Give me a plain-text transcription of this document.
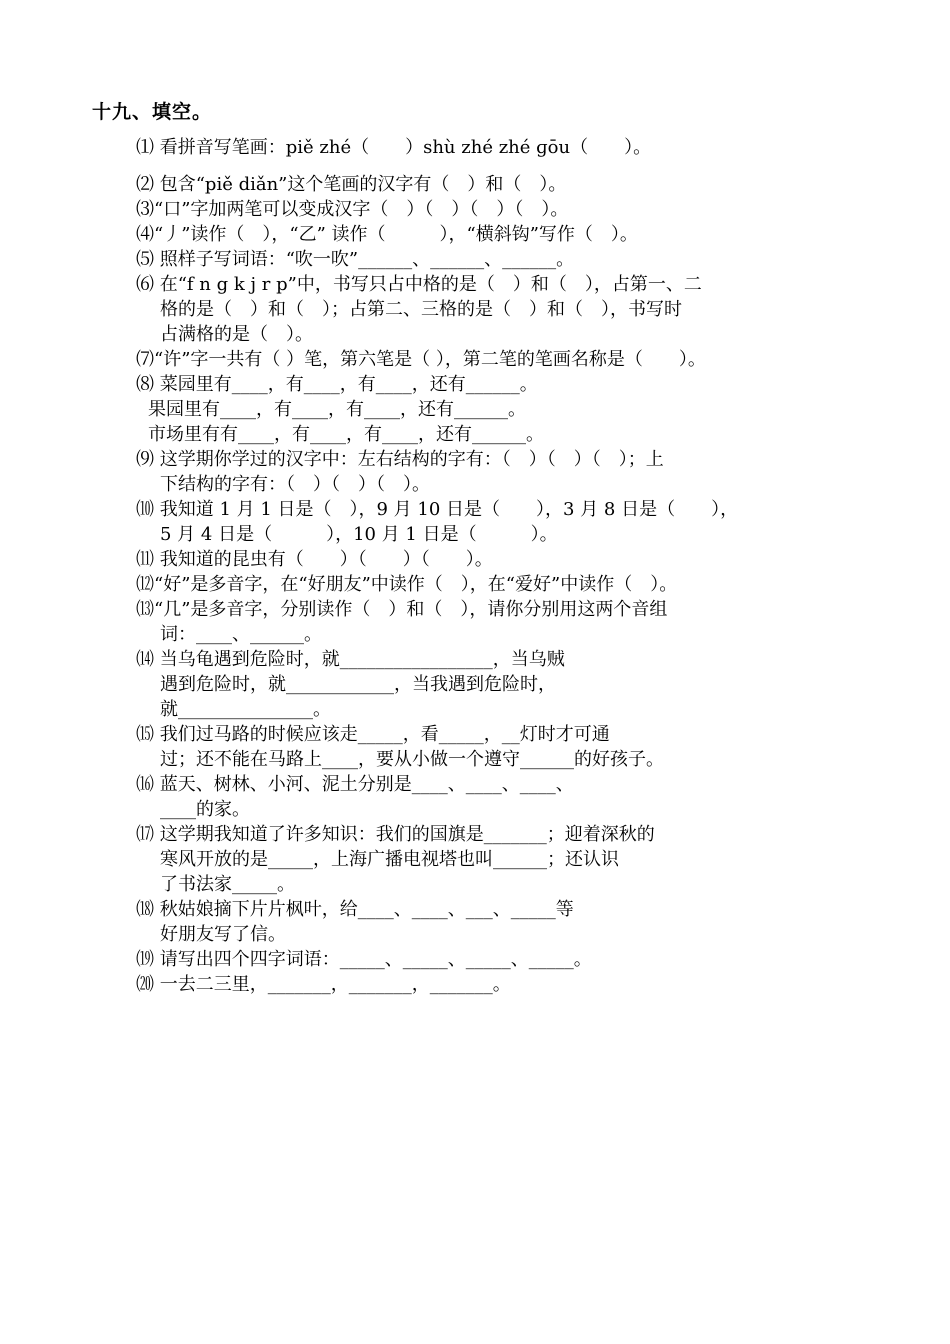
十九、填空。
⑴ 看拼音写笔画：piě zhé（　　）shù zhé zhé ɡōu（　　）。
⑵ 包含“piě diǎn”这个笔画的汉字有（　）和（　）。
⑶“口”字加两笔可以变成汉字（　）（　）（　）（　）。
⑷“丿”读作（　），“乙” 读作（　　　），“横斜钩”写作（　）。
⑸ 照样子写词语：“吹一吹”______、______、______。
⑹ 在“f n g k j r p”中，书写只占中格的是（　）和（　），占第一、二
格的是（　）和（　）；占第二、三格的是（　）和（　），书写时
占满格的是（　）。
⑺“许”字一共有（ ）笔，第六笔是（ ），第二笔的笔画名称是（　　）。
⑻ 菜园里有____，有____，有____，还有______。
果园里有____，有____，有____，还有______。
市场里有有____，有____，有____，还有______。
⑼ 这学期你学过的汉字中：左右结构的字有：（　）（　）（　）；上
下结构的字有：（　）（　）（　）。
⑽ 我知道 1 月 1 日是（　），9 月 10 日是（　　），3 月 8 日是（　　），
5 月 4 日是（　　　），10 月 1 日是（　　　）。
⑾ 我知道的昆虫有（　　）（　　）（　　）。
⑿“好”是多音字，在“好朋友”中读作（　），在“爱好”中读作（　）。
⒀“几”是多音字，分别读作（　）和（　），请你分别用这两个音组
词：____、______。
⒁ 当乌龟遇到危险时，就_________________，当乌贼
遇到危险时，就____________，当我遇到危险时，
就_______________。
⒂ 我们过马路的时候应该走_____，看_____，__灯时才可通
过；还不能在马路上____，要从小做一个遵守______的好孩子。
⒃ 蓝天、树林、小河、泥土分别是____、____、____、
____的家。
⒄ 这学期我知道了许多知识：我们的国旗是_______；迎着深秋的
寒风开放的是_____，上海广播电视塔也叫______；还认识
了书法家_____。
⒅ 秋姑娘摘下片片枫叶，给____、____、___、_____等
好朋友写了信。
⒆ 请写出四个四字词语：_____、_____、_____、_____。
⒇ 一去二三里，_______，_______，_______。
